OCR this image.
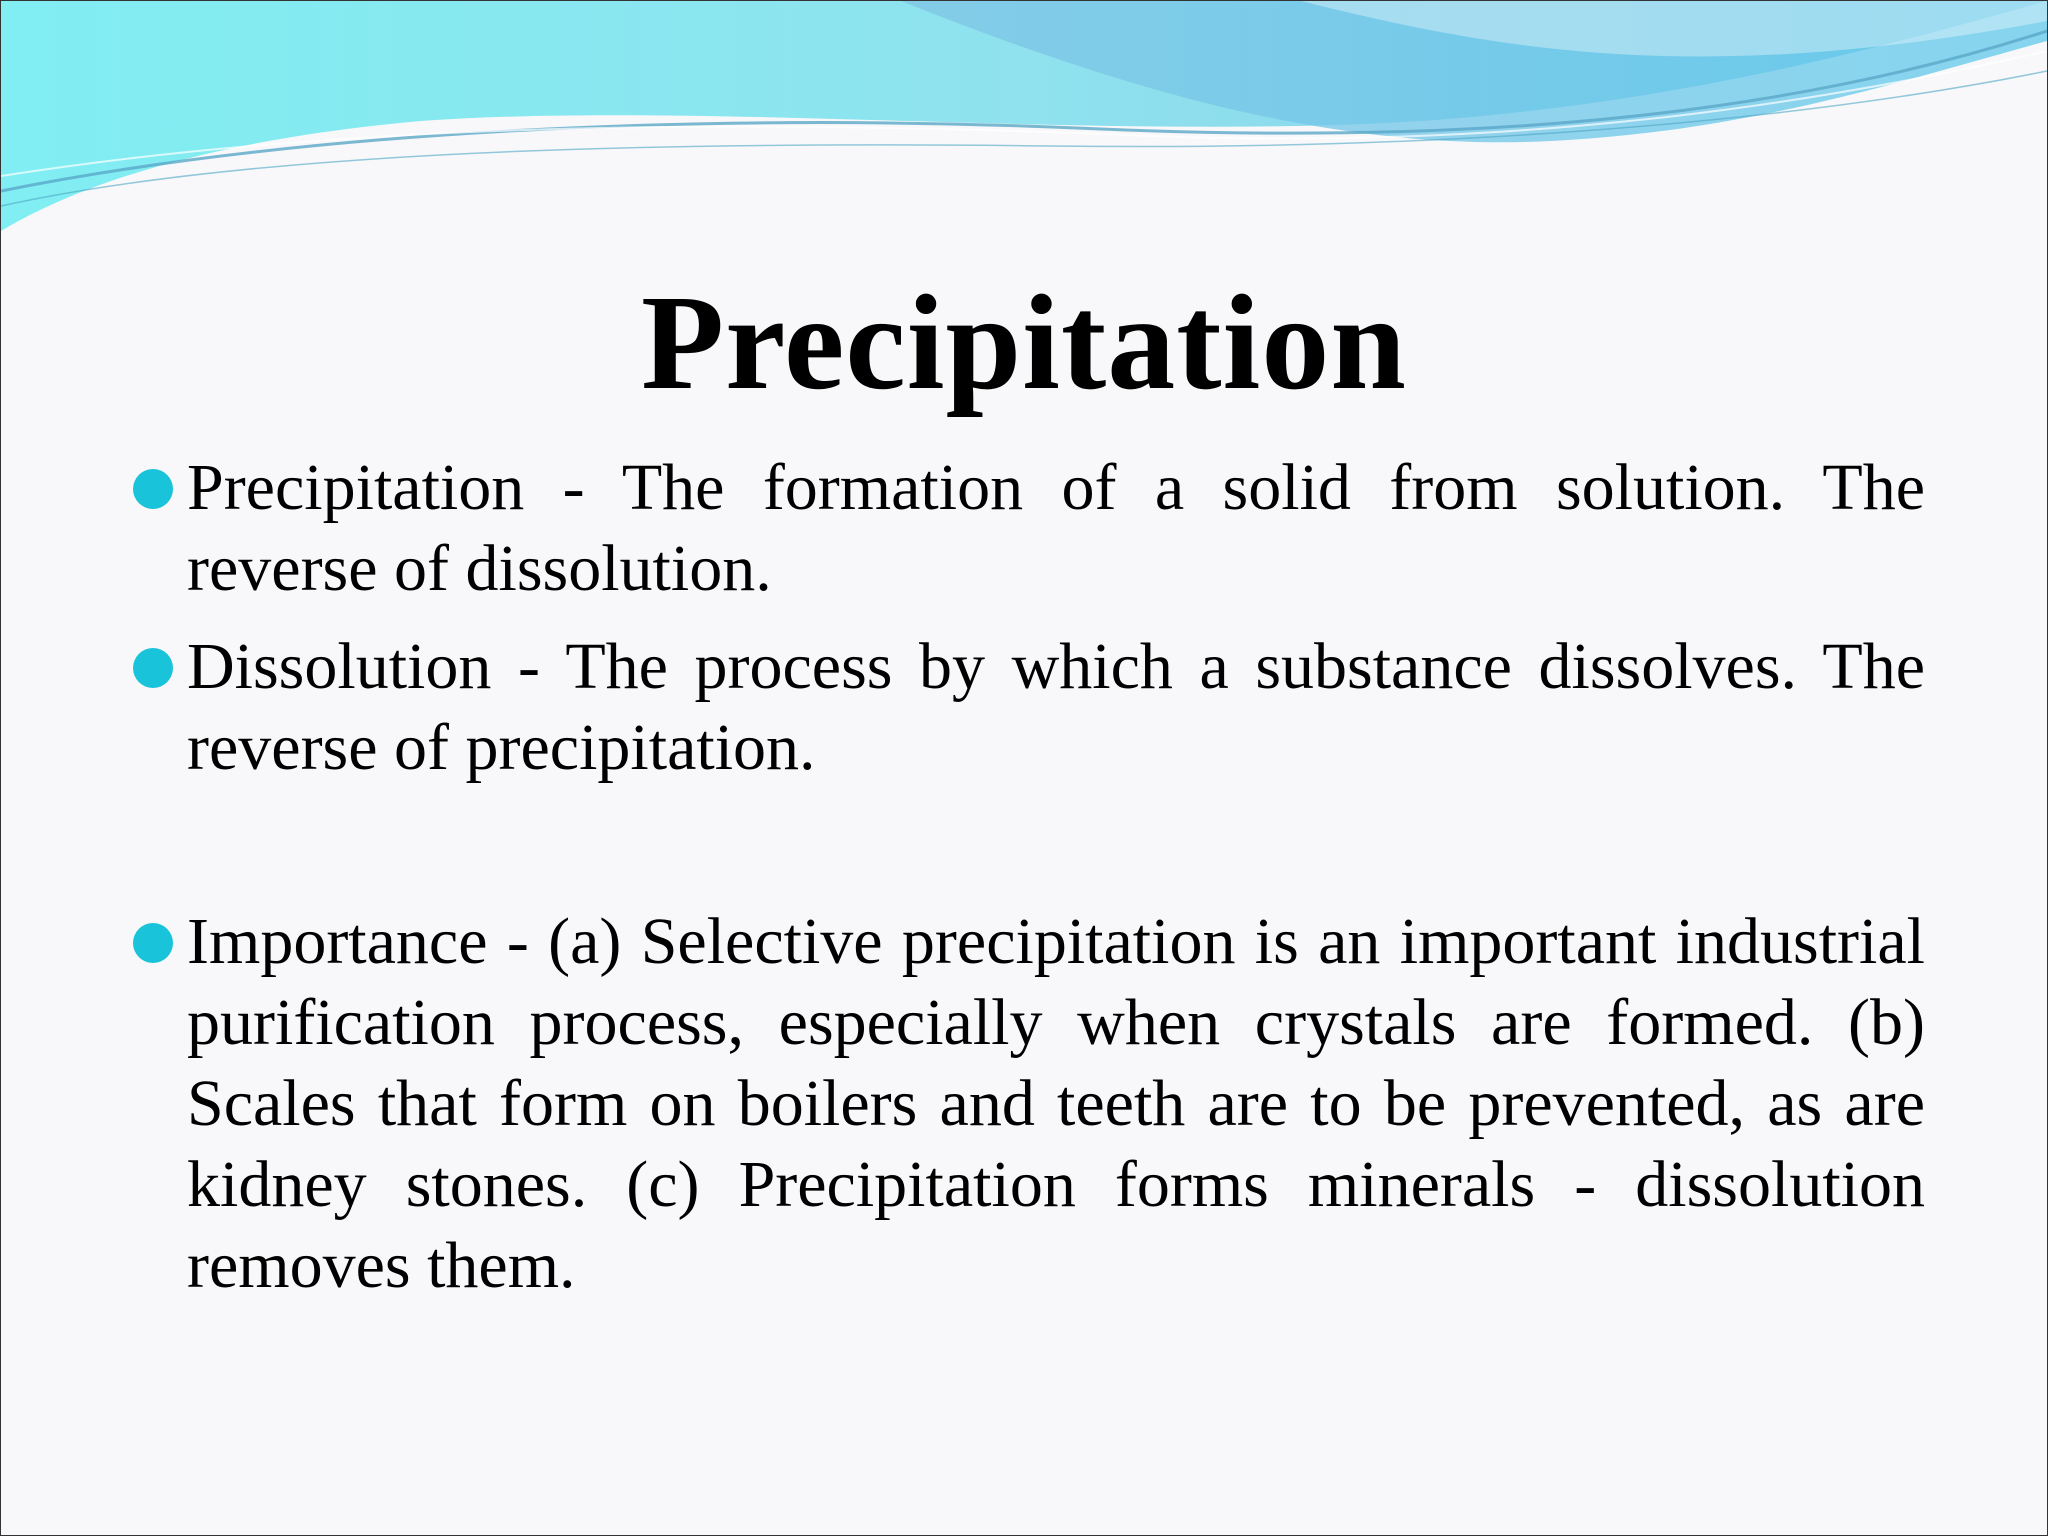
Precipitation
Precipitation - The formation of a solid from solution. The reverse of dissolution.
Dissolution - The process by which a substance dissolves. The reverse of precipitation.
Importance - (a) Selective precipitation is an important industrial purification process, especially when crystals are formed. (b) Scales that form on boilers and teeth are to be prevented, as are kidney stones. (c) Precipitation forms minerals - dissolution removes them.
